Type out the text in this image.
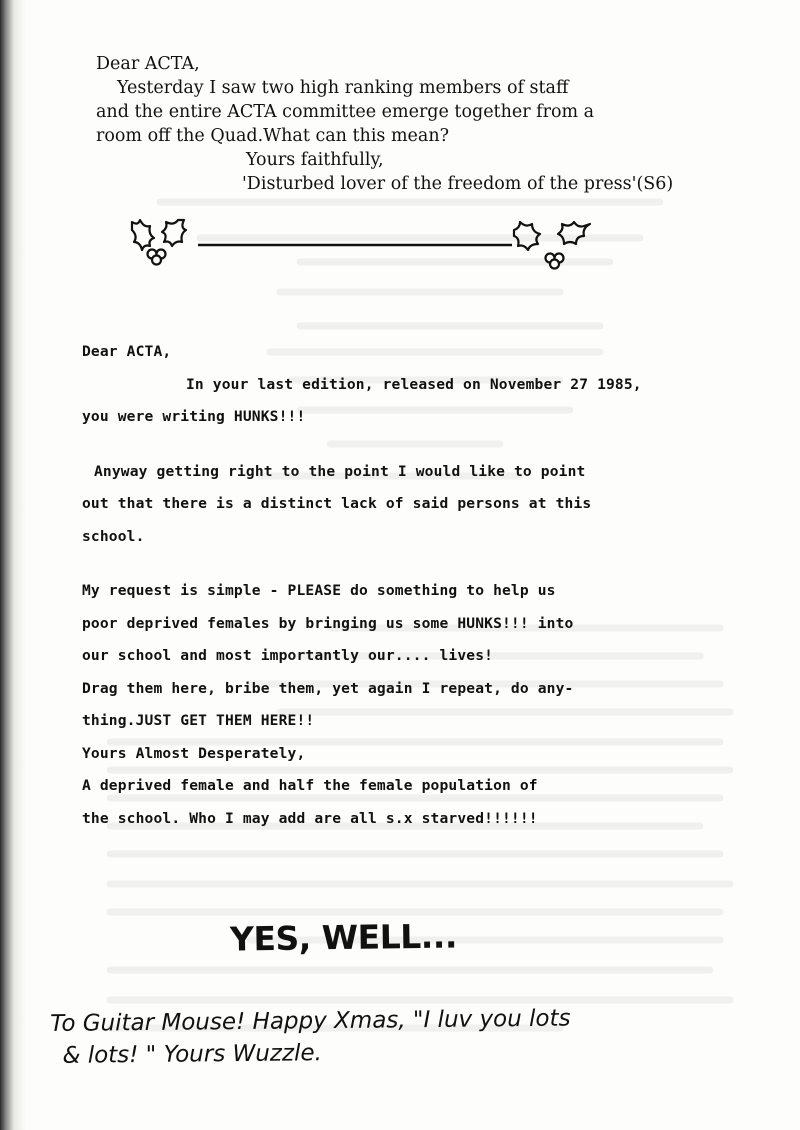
Dear ACTA,

Yesterday I saw two high ranking members of staff

and the entire ACTA committee emerge together from a

room off the Quad.What can this mean?

Yours faithfully,

'Disturbed lover of the freedom of the press'(S6)

Dear ACTA,

In your last edition, released on November 27 1985,

you were writing HUNKS!!!

Anyway getting right to the point I would like to point

out that there is a distinct lack of said persons at this

school.

My request is simple - PLEASE do something to help us

poor deprived females by bringing us some HUNKS!!! into

our school and most importantly our.... lives!

Drag them here, bribe them, yet again I repeat, do any-

thing.JUST GET THEM HERE!!

Yours Almost Desperately,

A deprived female and half the female population of

the school. Who I may add are all s.x starved!!!!!!

YES, WELL...
To Guitar Mouse! Happy Xmas, "I luv you lots
& lots! " Yours Wuzzle.
